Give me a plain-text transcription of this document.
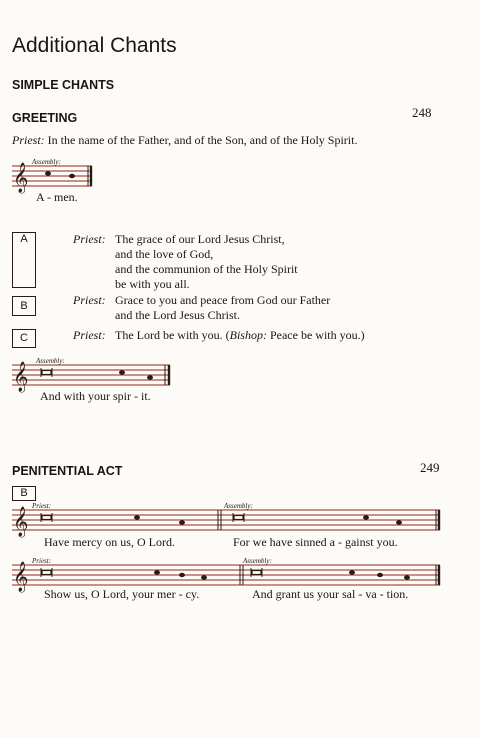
Additional Chants
SIMPLE CHANTS
GREETING	248
Priest: In the name of the Father, and of the Son, and of the Holy Spirit.
Assembly:
𝄞
A - men.
A	Priest: The grace of our Lord Jesus Christ,
and the love of God,
and the communion of the Holy Spirit
be with you all.
B	Priest: Grace to you and peace from God our Father
and the Lord Jesus Christ.
C	Priest: The Lord be with you. (Bishop: Peace be with you.)
Assembly:
𝄞
And with your spir - it.
PENITENTIAL ACT	249
B
Priest:	Assembly:
𝄞
Have mercy on us, O Lord.	For we have sinned a - gainst you.
Priest:	Assembly:
𝄞
Show us, O Lord, your mer - cy.	And grant us your sal - va - tion.
